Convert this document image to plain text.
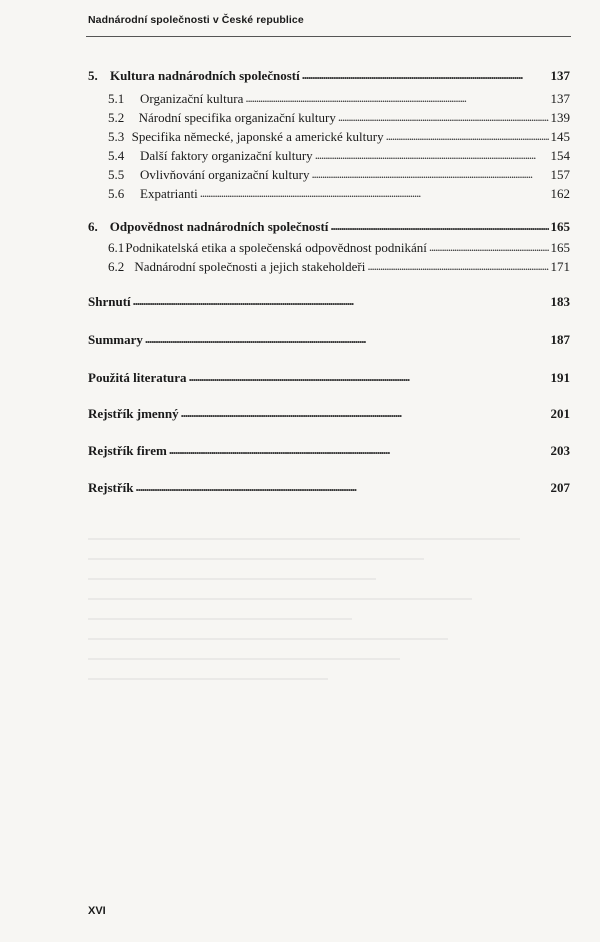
Nadnárodní společnosti v České republice
5. Kultura nadnárodních společností . . .	137
5.1	Organizační kultura . . .	137
5.2	Národní specifika organizační kultury . . .	139
5.3 Specifika německé, japonské a americké kultury . . .	145
5.4	Další faktory organizační kultury . . .	154
5.5	Ovlivňování organizační kultury . . .	157
5.6	Expatrianti . . .	162
6. Odpovědnost nadnárodních společností . . .	165
6.1 Podnikatelská etika a společenská odpovědnost podnikání . . .	165
6.2 Nadnárodní společnosti a jejich stakeholdeři . . .	171
Shrnutí . . .	183
Summary . . .	187
Použitá literatura . . .	191
Rejstřík jmenný . . .	201
Rejstřík firem . . .	203
Rejstřík . . .	207
XVI
